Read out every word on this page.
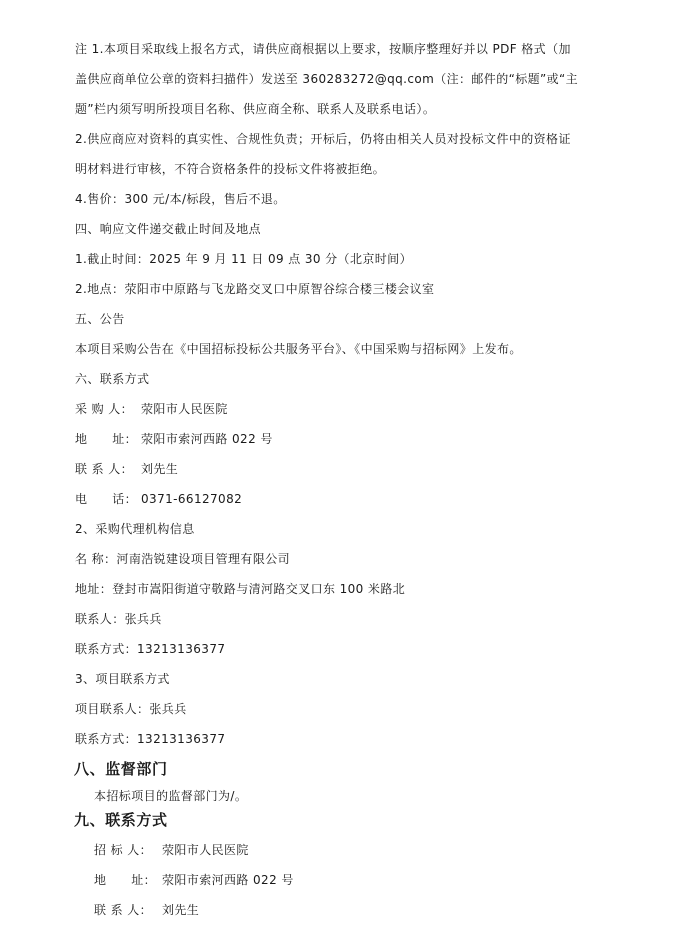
注 1.本项目采取线上报名方式，请供应商根据以上要求，按顺序整理好并以 PDF 格式（加

盖供应商单位公章的资料扫描件）发送至 360283272@qq.com（注：邮件的“标题”或“主

题”栏内须写明所投项目名称、供应商全称、联系人及联系电话）。

2.供应商应对资料的真实性、合规性负责；开标后，仍将由相关人员对投标文件中的资格证

明材料进行审核，不符合资格条件的投标文件将被拒绝。

4.售价：300 元/本/标段，售后不退。

四、响应文件递交截止时间及地点

1.截止时间：2025 年 9 月 11 日 09 点 30 分（北京时间）

2.地点：荥阳市中原路与飞龙路交叉口中原智谷综合楼三楼会议室

五、公告

本项目采购公告在《中国招标投标公共服务平台》、《中国采购与招标网》上发布。

六、联系方式

采 购 人： 荥阳市人民医院

地　　址： 荥阳市索河西路 022 号

联 系 人： 刘先生

电　　话： 0371-66127082

2、采购代理机构信息

名 称：河南浩锐建设项目管理有限公司

地址：登封市嵩阳街道守敬路与清河路交叉口东 100 米路北

联系人：张兵兵

联系方式：13213136377

3、项目联系方式

项目联系人：张兵兵

联系方式：13213136377

八、监督部门

本招标项目的监督部门为/。

九、联系方式

招 标 人： 荥阳市人民医院

地　　址： 荥阳市索河西路 022 号

联 系 人： 刘先生
